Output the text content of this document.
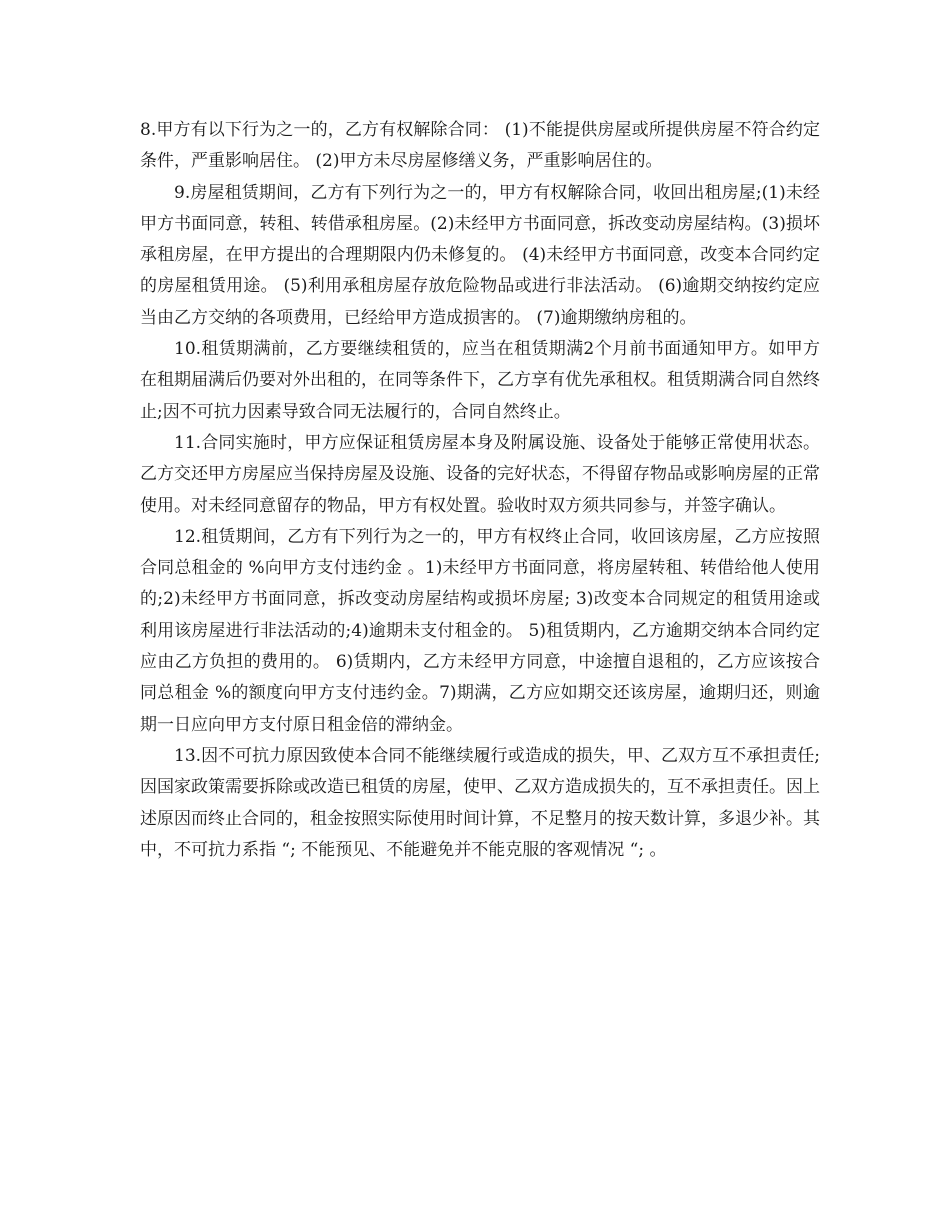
8.甲方有以下行为之一的，乙方有权解除合同： (1)不能提供房屋或所提供房屋不符合约定条件，严重影响居住。 (2)甲方未尽房屋修缮义务，严重影响居住的。

9.房屋租赁期间，乙方有下列行为之一的，甲方有权解除合同，收回出租房屋;(1)未经甲方书面同意，转租、转借承租房屋。(2)未经甲方书面同意，拆改变动房屋结构。(3)损坏承租房屋，在甲方提出的合理期限内仍未修复的。 (4)未经甲方书面同意，改变本合同约定的房屋租赁用途。 (5)利用承租房屋存放危险物品或进行非法活动。 (6)逾期交纳按约定应当由乙方交纳的各项费用，已经给甲方造成损害的。 (7)逾期缴纳房租的。

10.租赁期满前，乙方要继续租赁的，应当在租赁期满2个月前书面通知甲方。如甲方在租期届满后仍要对外出租的，在同等条件下，乙方享有优先承租权。租赁期满合同自然终止;因不可抗力因素导致合同无法履行的，合同自然终止。

11.合同实施时，甲方应保证租赁房屋本身及附属设施、设备处于能够正常使用状态。乙方交还甲方房屋应当保持房屋及设施、设备的完好状态，不得留存物品或影响房屋的正常使用。对未经同意留存的物品，甲方有权处置。验收时双方须共同参与，并签字确认。

12.租赁期间，乙方有下列行为之一的，甲方有权终止合同，收回该房屋，乙方应按照合同总租金的 %向甲方支付违约金 。1)未经甲方书面同意，将房屋转租、转借给他人使用的;2)未经甲方书面同意，拆改变动房屋结构或损坏房屋; 3)改变本合同规定的租赁用途或利用该房屋进行非法活动的;4)逾期未支付租金的。 5)租赁期内，乙方逾期交纳本合同约定应由乙方负担的费用的。 6)赁期内，乙方未经甲方同意，中途擅自退租的，乙方应该按合同总租金 %的额度向甲方支付违约金。7)期满，乙方应如期交还该房屋，逾期归还，则逾期一日应向甲方支付原日租金倍的滞纳金。

13.因不可抗力原因致使本合同不能继续履行或造成的损失，甲、乙双方互不承担责任;因国家政策需要拆除或改造已租赁的房屋，使甲、乙双方造成损失的，互不承担责任。因上述原因而终止合同的，租金按照实际使用时间计算，不足整月的按天数计算，多退少补。其中，不可抗力系指 “; 不能预见、不能避免并不能克服的客观情况 “; 。
